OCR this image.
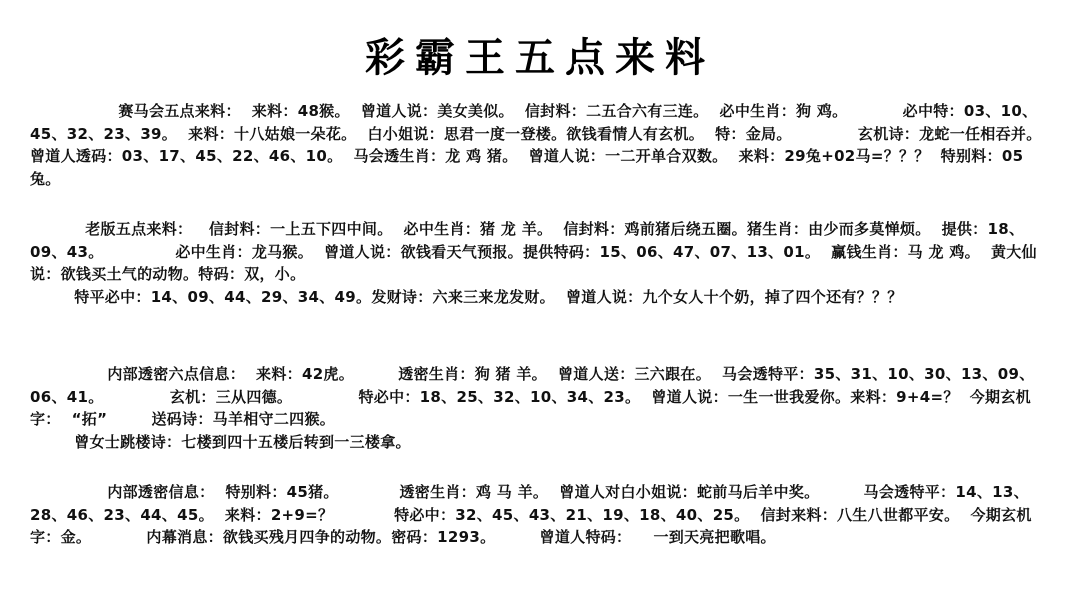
彩霸王五点来料
赛马会五点来料：  来料：48猴。  曾道人说：美女美似。  信封料：二五合六有三连。  必中生肖：狗 鸡。          必中特：03、10、45、32、23、39。  来料：十八姑娘一朵花。  白小姐说：思君一度一登楼。欲钱看情人有玄机。  特：金局。            玄机诗：龙蛇一任相吞并。  曾道人透码：03、17、45、22、46、10。  马会透生肖：龙 鸡 猪。  曾道人说：一二开单合双数。  来料：29兔+02马=？？？  特别料：05兔。
老版五点来料：   信封料：一上五下四中间。  必中生肖：猪 龙 羊。  信封料：鸡前猪后绕五圈。猪生肖：由少而多莫惮烦。  提供：18、09、43。             必中生肖：龙马猴。  曾道人说：欲钱看天气预报。提供特码：15、06、47、07、13、01。  赢钱生肖：马 龙 鸡。  黄大仙说：欲钱买土气的动物。特码：双，小。
特平必中：14、09、44、29、34、49。发财诗：六来三来龙发财。  曾道人说：九个女人十个奶，掉了四个还有？？？
内部透密六点信息：  来料：42虎。        透密生肖：狗 猪 羊。  曾道人送：三六跟在。  马会透特平：35、31、10、30、13、09、06、41。            玄机：三从四德。            特必中：18、25、32、10、34、23。  曾道人说：一生一世我爱你。来料：9+4=？  今期玄机字：  “拓”        送码诗：马羊相守二四猴。
曾女士跳楼诗：七楼到四十五楼后转到一三楼拿。
内部透密信息：  特别料：45猪。           透密生肖：鸡 马 羊。  曾道人对白小姐说：蛇前马后羊中奖。        马会透特平：14、13、28、46、23、44、45。  来料：2+9=？           特必中：32、45、43、21、19、18、40、25。  信封来料：八生八世都平安。  今期玄机字：金。          内幕消息：欲钱买残月四争的动物。密码：1293。        曾道人特码：    一到天亮把歌唱。
